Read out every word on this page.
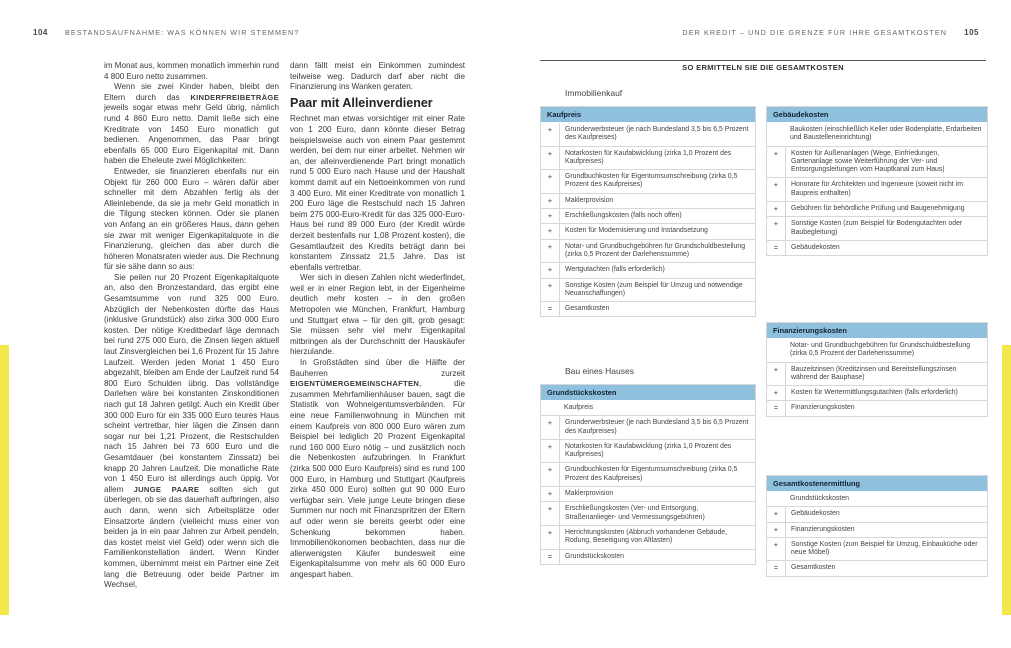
104 BESTANDSAUFNAHME: WAS KÖNNEN WIR STEMMEN?	DER KREDIT – UND DIE GRENZE FÜR IHRE GESAMTKOSTEN 105

im Monat aus, kommen monatlich immerhin rund 4 800 Euro netto zusammen.

Wenn sie zwei Kinder haben, bleibt den Eltern durch das KINDERFREIBETRÄGE jeweils sogar etwas mehr Geld übrig, nämlich rund 4 860 Euro netto. Damit ließe sich eine Kreditrate von 1450 Euro monatlich gut bedienen. Angenommen, das Paar bringt ebenfalls 65 000 Euro Eigenkapital mit. Dann haben die Eheleute zwei Möglichkeiten:

Entweder, sie finanzieren ebenfalls nur ein Objekt für 260 000 Euro – wären dafür aber schneller mit dem Abzahlen fertig als der Alleinlebende, da sie ja mehr Geld monatlich in die Tilgung stecken können. Oder sie planen von Anfang an ein größeres Haus, dann gehen sie zwar mit weniger Eigenkapitalquote in die Finanzierung, gleichen das aber durch die höheren Monatsraten wieder aus. Die Rechnung für sie sähe dann so aus:

Sie peilen nur 20 Prozent Eigenkapitalquote an, also den Bronzestandard, das ergibt eine Gesamtsumme von rund 325 000 Euro. Abzüglich der Nebenkosten dürfte das Haus (inklusive Grundstück) also zirka 300 000 Euro kosten. Der nötige Kreditbedarf läge demnach bei rund 275 000 Euro, die Zinsen liegen aktuell laut Zinsvergleichen bei 1,6 Prozent für 15 Jahre Laufzeit. Werden jeden Monat 1 450 Euro abgezahlt, bleiben am Ende der Laufzeit rund 54 800 Euro Schulden übrig. Das vollständige Darlehen wäre bei konstanten Zinskonditionen nach gut 18 Jahren getilgt. Auch ein Kredit über 300 000 Euro für ein 335 000 Euro teures Haus scheint vertretbar, hier lägen die Zinsen dann sogar nur bei 1,21 Prozent, die Restschulden nach 15 Jahren bei 73 600 Euro und die Gesamtdauer (bei konstantem Zinssatz) bei knapp 20 Jahren Laufzeit. Die monatliche Rate von 1 450 Euro ist allerdings auch üppig. Vor allem JUNGE PAARE sollten sich gut überlegen, ob sie das dauerhaft aufbringen, also auch dann, wenn sich Arbeitsplätze oder Einsatzorte ändern (vielleicht muss einer von beiden ja in ein paar Jahren zur Arbeit pendeln, das kostet meist viel Geld) oder wenn sich die Familienkonstellation ändert. Wenn Kinder kommen, übernimmt meist ein Partner eine Zeit lang die Betreuung oder beide Partner im Wechsel,

dann fällt meist ein Einkommen zumindest teilweise weg. Dadurch darf aber nicht die Finanzierung ins Wanken geraten.

Paar mit Alleinverdiener

Rechnet man etwas vorsichtiger mit einer Rate von 1 200 Euro, dann könnte dieser Betrag beispielsweise auch von einem Paar gestemmt werden, bei dem nur einer arbeitet. Nehmen wir an, der alleinverdienende Part bringt monatlich rund 5 000 Euro nach Hause und der Haushalt kommt damit auf ein Nettoeinkommen von rund 3 400 Euro. Mit einer Kreditrate von monatlich 1 200 Euro läge die Restschuld nach 15 Jahren beim 275 000-Euro-Kredit für das 325 000-Euro-Haus bei rund 89 000 Euro (der Kredit würde derzeit bestenfalls nur 1,08 Prozent kosten), die Gesamtlaufzeit des Kredits beträgt dann bei konstantem Zinssatz 21,5 Jahre. Das ist ebenfalls vertretbar.

Wer sich in diesen Zahlen nicht wiederfindet, weil er in einer Region lebt, in der Eigenheime deutlich mehr kosten – in den großen Metropolen wie München, Frankfurt, Hamburg und Stuttgart etwa – für den gilt, grob gesagt: Sie müssen sehr viel mehr Eigenkapital mitbringen als der Durchschnitt der Hauskäufer hierzulande.

In Großstädten sind über die Hälfte der Bauherren zurzeit EIGENTÜMERGEMEINSCHAFTEN, die zusammen Mehrfamilienhäuser bauen, sagt die Statistik von Wohneigentumsverbänden. Für eine neue Familienwohnung in München mit einem Kaufpreis von 800 000 Euro wären zum Beispiel bei lediglich 20 Prozent Eigenkapital rund 160 000 Euro nötig – und zusätzlich noch die Nebenkosten aufzubringen. In Frankfurt (zirka 500 000 Euro Kaufpreis) sind es rund 100 000 Euro, in Hamburg und Stuttgart (Kaufpreis zirka 450 000 Euro) sollten gut 90 000 Euro verfügbar sein. Viele junge Leute bringen diese Summen nur noch mit Finanzspritzen der Eltern auf oder wenn sie bereits geerbt oder eine Schenkung bekommen haben. Immobilienökonomen beobachten, dass nur die allerwenigsten Käufer bundesweit eine Eigenkapitalsumme von mehr als 60 000 Euro angespart haben.

SO ERMITTELN SIE DIE GESAMTKOSTEN
Immobilienkauf
Bau eines Hauses
Kaufpreis
+	Grunderwerbsteuer (je nach Bundesland 3,5 bis 6,5 Prozent des Kaufpreises)
+	Notarkosten für Kaufabwicklung (zirka 1,0 Prozent des Kaufpreises)
+	Grundbuchkosten für Eigentumsumschreibung (zirka 0,5 Prozent des Kaufpreises)
+	Maklerprovision
+	Erschließungskosten (falls noch offen)
+	Kosten für Modernisierung und Instandsetzung
+	Notar- und Grundbuchgebühren für Grundschuldbestellung (zirka 0,5 Prozent der Darlehenssumme)
+	Wertgutachten (falls erforderlich)
+	Sonstige Kosten (zum Beispiel für Umzug und notwendige Neuanschaffungen)
=	Gesamtkosten
Grundstückskosten
Kaufpreis
+	Grunderwerbsteuer (je nach Bundesland 3,5 bis 6,5 Prozent des Kaufpreises)
+	Notarkosten für Kaufabwicklung (zirka 1,0 Prozent des Kaufpreises)
+	Grundbuchkosten für Eigentumsumschreibung (zirka 0,5 Prozent des Kaufpreises)
+	Maklerprovision
+	Erschließungskosten (Ver- und Entsorgung, Straßenanlieger- und Vermessungsgebühren)
+	Herrichtungskosten (Abbruch vorhandener Gebäude, Rodung, Beseitigung von Altlasten)
=	Grundstückskosten
Gebäudekosten
Baukosten (einschließlich Keller oder Bodenplatte, Erdarbeiten und Baustelleneinrichtung)
+	Kosten für Außenanlagen (Wege, Einfriedungen, Gartenanlage sowie Weiterführung der Ver- und Entsorgungsleitungen vom Hauptkanal zum Haus)
+	Honorare für Architekten und Ingenieure (soweit nicht im Baupreis enthalten)
+	Gebühren für behördliche Prüfung und Baugenehmigung
+	Sonstige Kosten (zum Beispiel für Bodengutachten oder Baubegleitung)
=	Gebäudekosten
Finanzierungskosten
Notar- und Grundbuchgebühren für Grundschuldbestellung (zirka 0,5 Prozent der Darlehenssumme)
+	Bauzeitzinsen (Kreditzinsen und Bereitstellungszinsen während der Bauphase)
+	Kosten für Wertermittlungsgutachten (falls erforderlich)
=	Finanzierungskosten
Gesamtkostenermittlung
Grundstückskosten
+	Gebäudekosten
+	Finanzierungskosten
+	Sonstige Kosten (zum Beispiel für Umzug, Einbauküche oder neue Möbel)
=	Gesamtkosten
